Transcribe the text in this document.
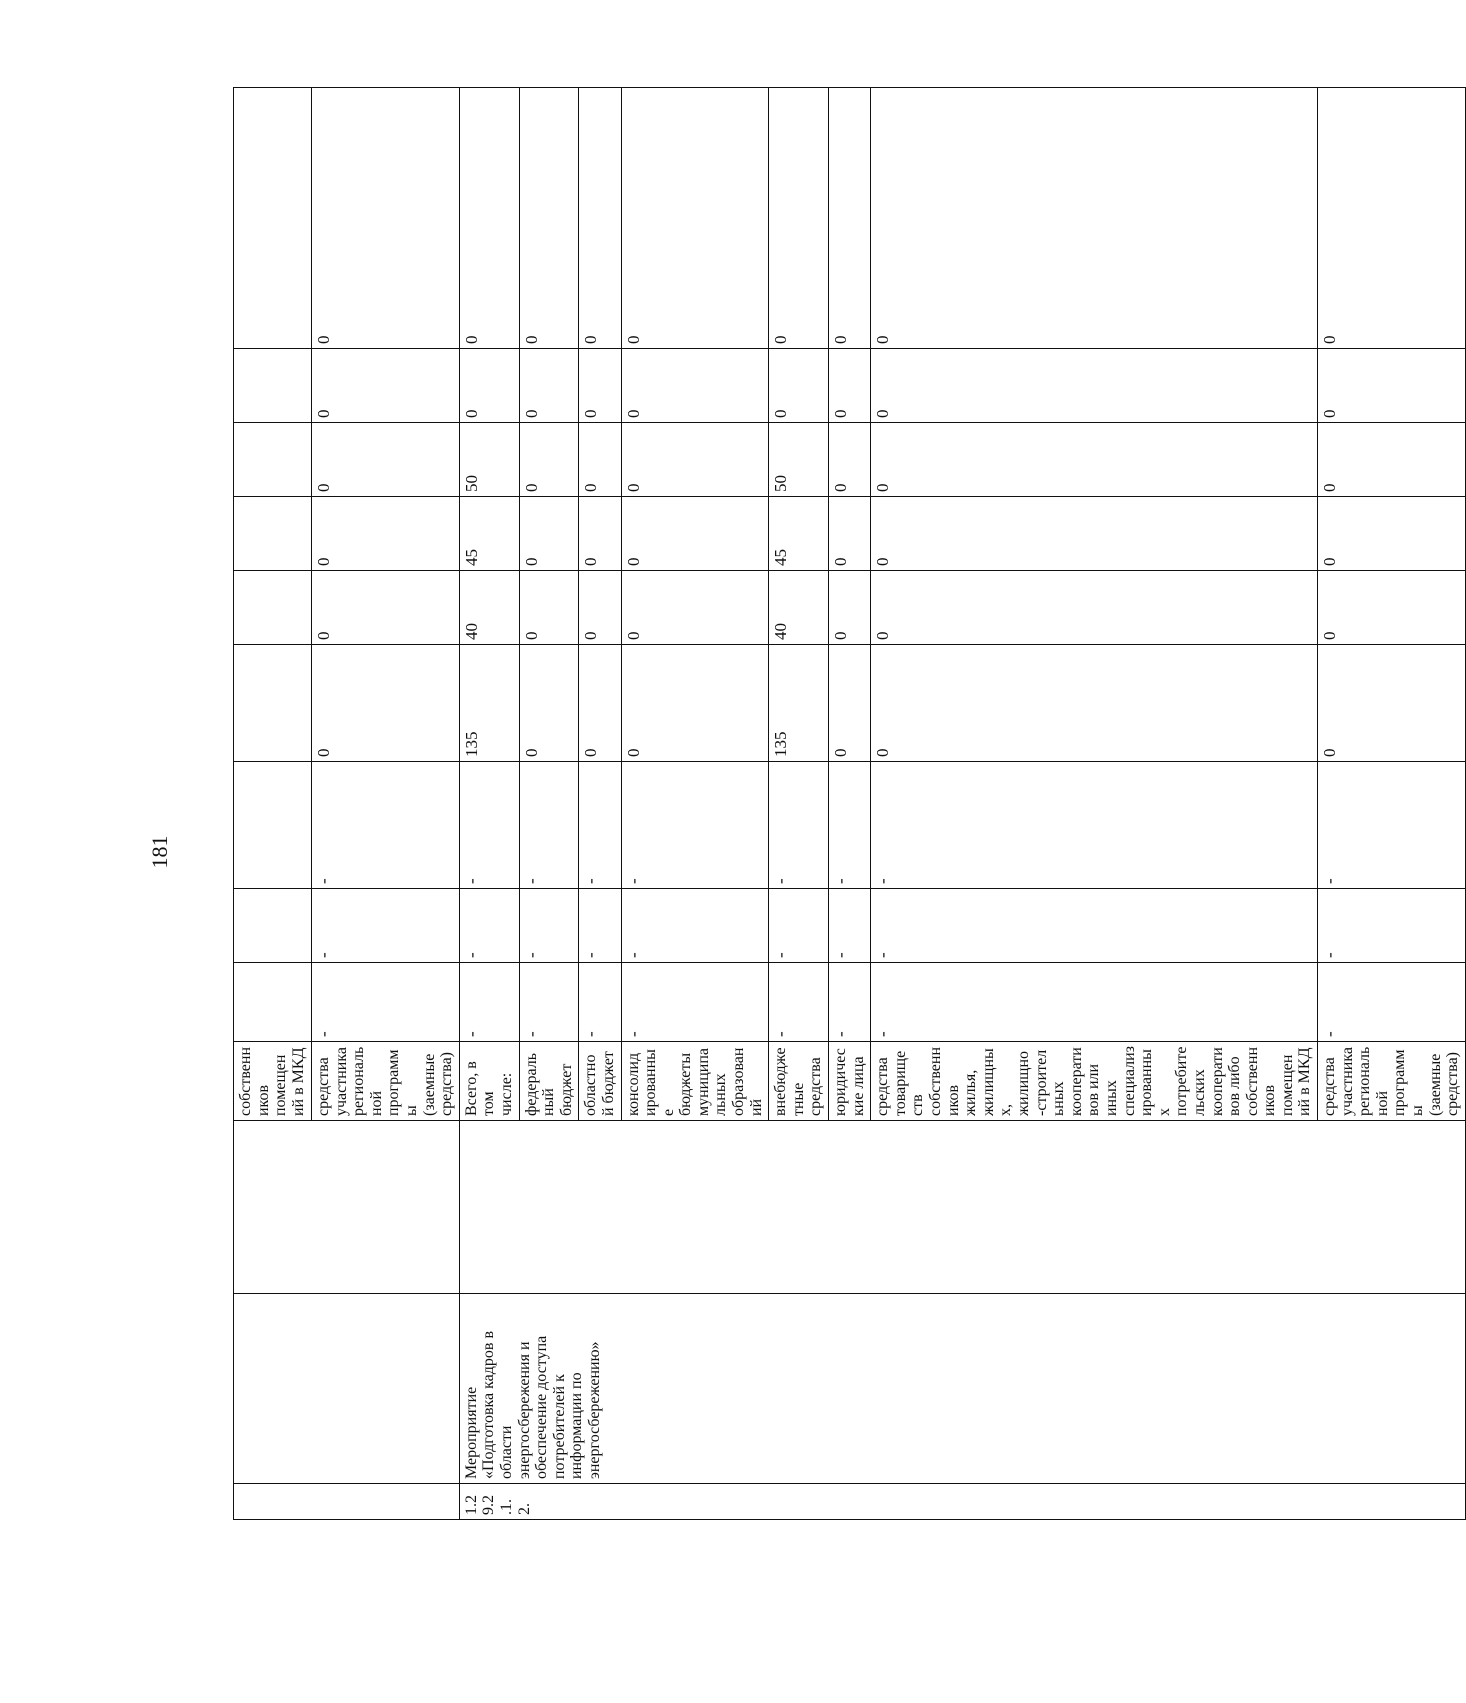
181
			собственников помещений в МКД										
			средства участника региональной программы (заемные средства)	-	-	-	0	0	0	0	0	0	
1.2 9.2 .1. 2.	Мероприятие «Подготовка кадров в области энергосбережения и обеспечение доступа потребителей к информации по энергосбережению»		Всего, в том числе:	-	-	-	135	40	45	50	0	0	
			федеральный бюджет	-	-	-	0	0	0	0	0	0	
			областной бюджет	-	-	-	0	0	0	0	0	0	
			консолидированные бюджеты муниципальных образований	-	-	-	0	0	0	0	0	0	
			внебюджетные средства	-	-	-	135	40	45	50	0	0	
			юридические лица	-	-	-	0	0	0	0	0	0	
			средства товариществ собственников жилья, жилищных, жилищно-строительных кооперативов или иных специализированных потребительских кооперативов либо собственников помещений в МКД	-	-	-	0	0	0	0	0	0	
			средства участника региональной программы (заемные средства)	-	-	-	0	0	0	0	0	0	
